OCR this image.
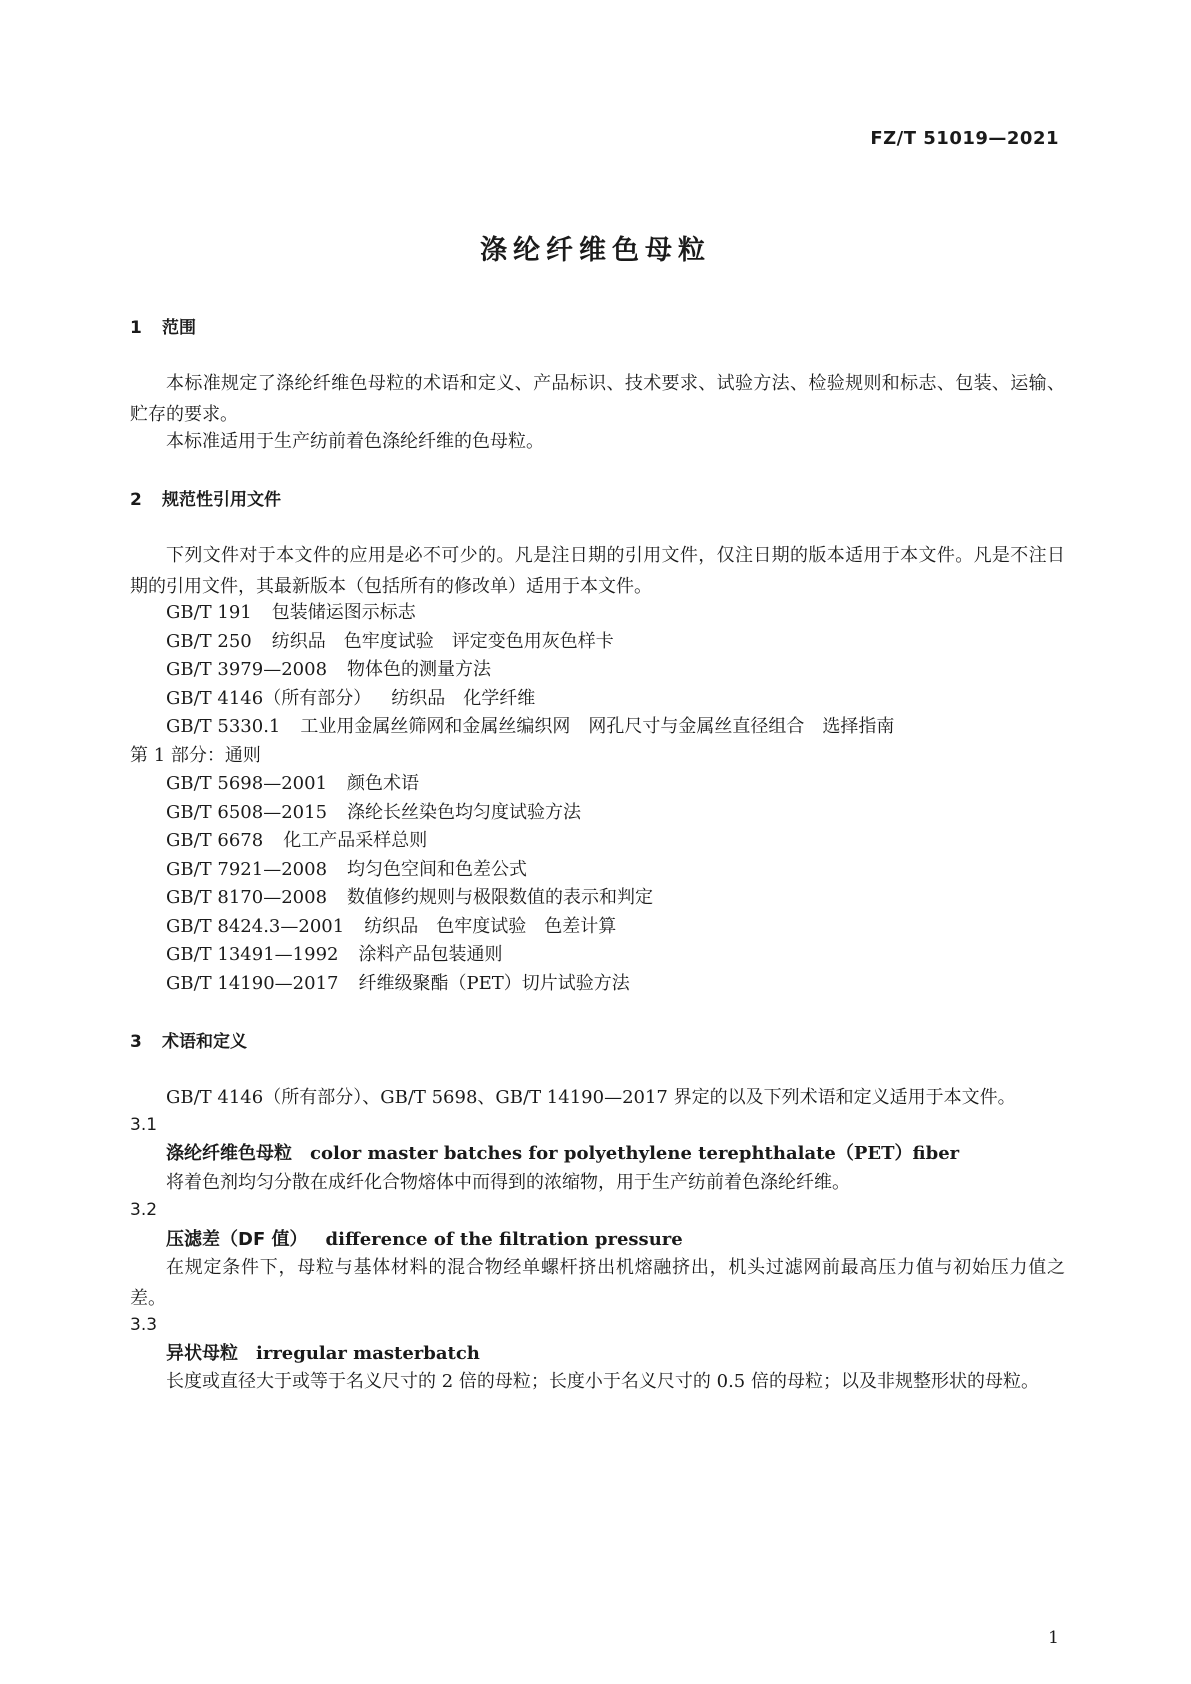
FZ/T 51019—2021
涤纶纤维色母粒
1 范围
本标准规定了涤纶纤维色母粒的术语和定义、产品标识、技术要求、试验方法、检验规则和标志、包装、运输、贮存的要求。
本标准适用于生产纺前着色涤纶纤维的色母粒。
2 规范性引用文件
下列文件对于本文件的应用是必不可少的。凡是注日期的引用文件，仅注日期的版本适用于本文件。凡是不注日期的引用文件，其最新版本（包括所有的修改单）适用于本文件。
GB/T 191 包装储运图示标志
GB/T 250 纺织品　色牢度试验　评定变色用灰色样卡
GB/T 3979—2008 物体色的测量方法
GB/T 4146（所有部分） 纺织品　化学纤维
GB/T 5330.1 工业用金属丝筛网和金属丝编织网　网孔尺寸与金属丝直径组合　选择指南
第 1 部分：通则
GB/T 5698—2001 颜色术语
GB/T 6508—2015 涤纶长丝染色均匀度试验方法
GB/T 6678 化工产品采样总则
GB/T 7921—2008 均匀色空间和色差公式
GB/T 8170—2008 数值修约规则与极限数值的表示和判定
GB/T 8424.3—2001 纺织品　色牢度试验　色差计算
GB/T 13491—1992 涂料产品包装通则
GB/T 14190—2017 纤维级聚酯（PET）切片试验方法
3 术语和定义
GB/T 4146（所有部分）、GB/T 5698、GB/T 14190—2017 界定的以及下列术语和定义适用于本文件。
3.1
涤纶纤维色母粒 color master batches for polyethylene terephthalate（PET）fiber
将着色剂均匀分散在成纤化合物熔体中而得到的浓缩物，用于生产纺前着色涤纶纤维。
3.2
压滤差（DF 值） difference of the filtration pressure
在规定条件下，母粒与基体材料的混合物经单螺杆挤出机熔融挤出，机头过滤网前最高压力值与初始压力值之差。
3.3
异状母粒 irregular masterbatch
长度或直径大于或等于名义尺寸的 2 倍的母粒；长度小于名义尺寸的 0.5 倍的母粒；以及非规整形状的母粒。
1
